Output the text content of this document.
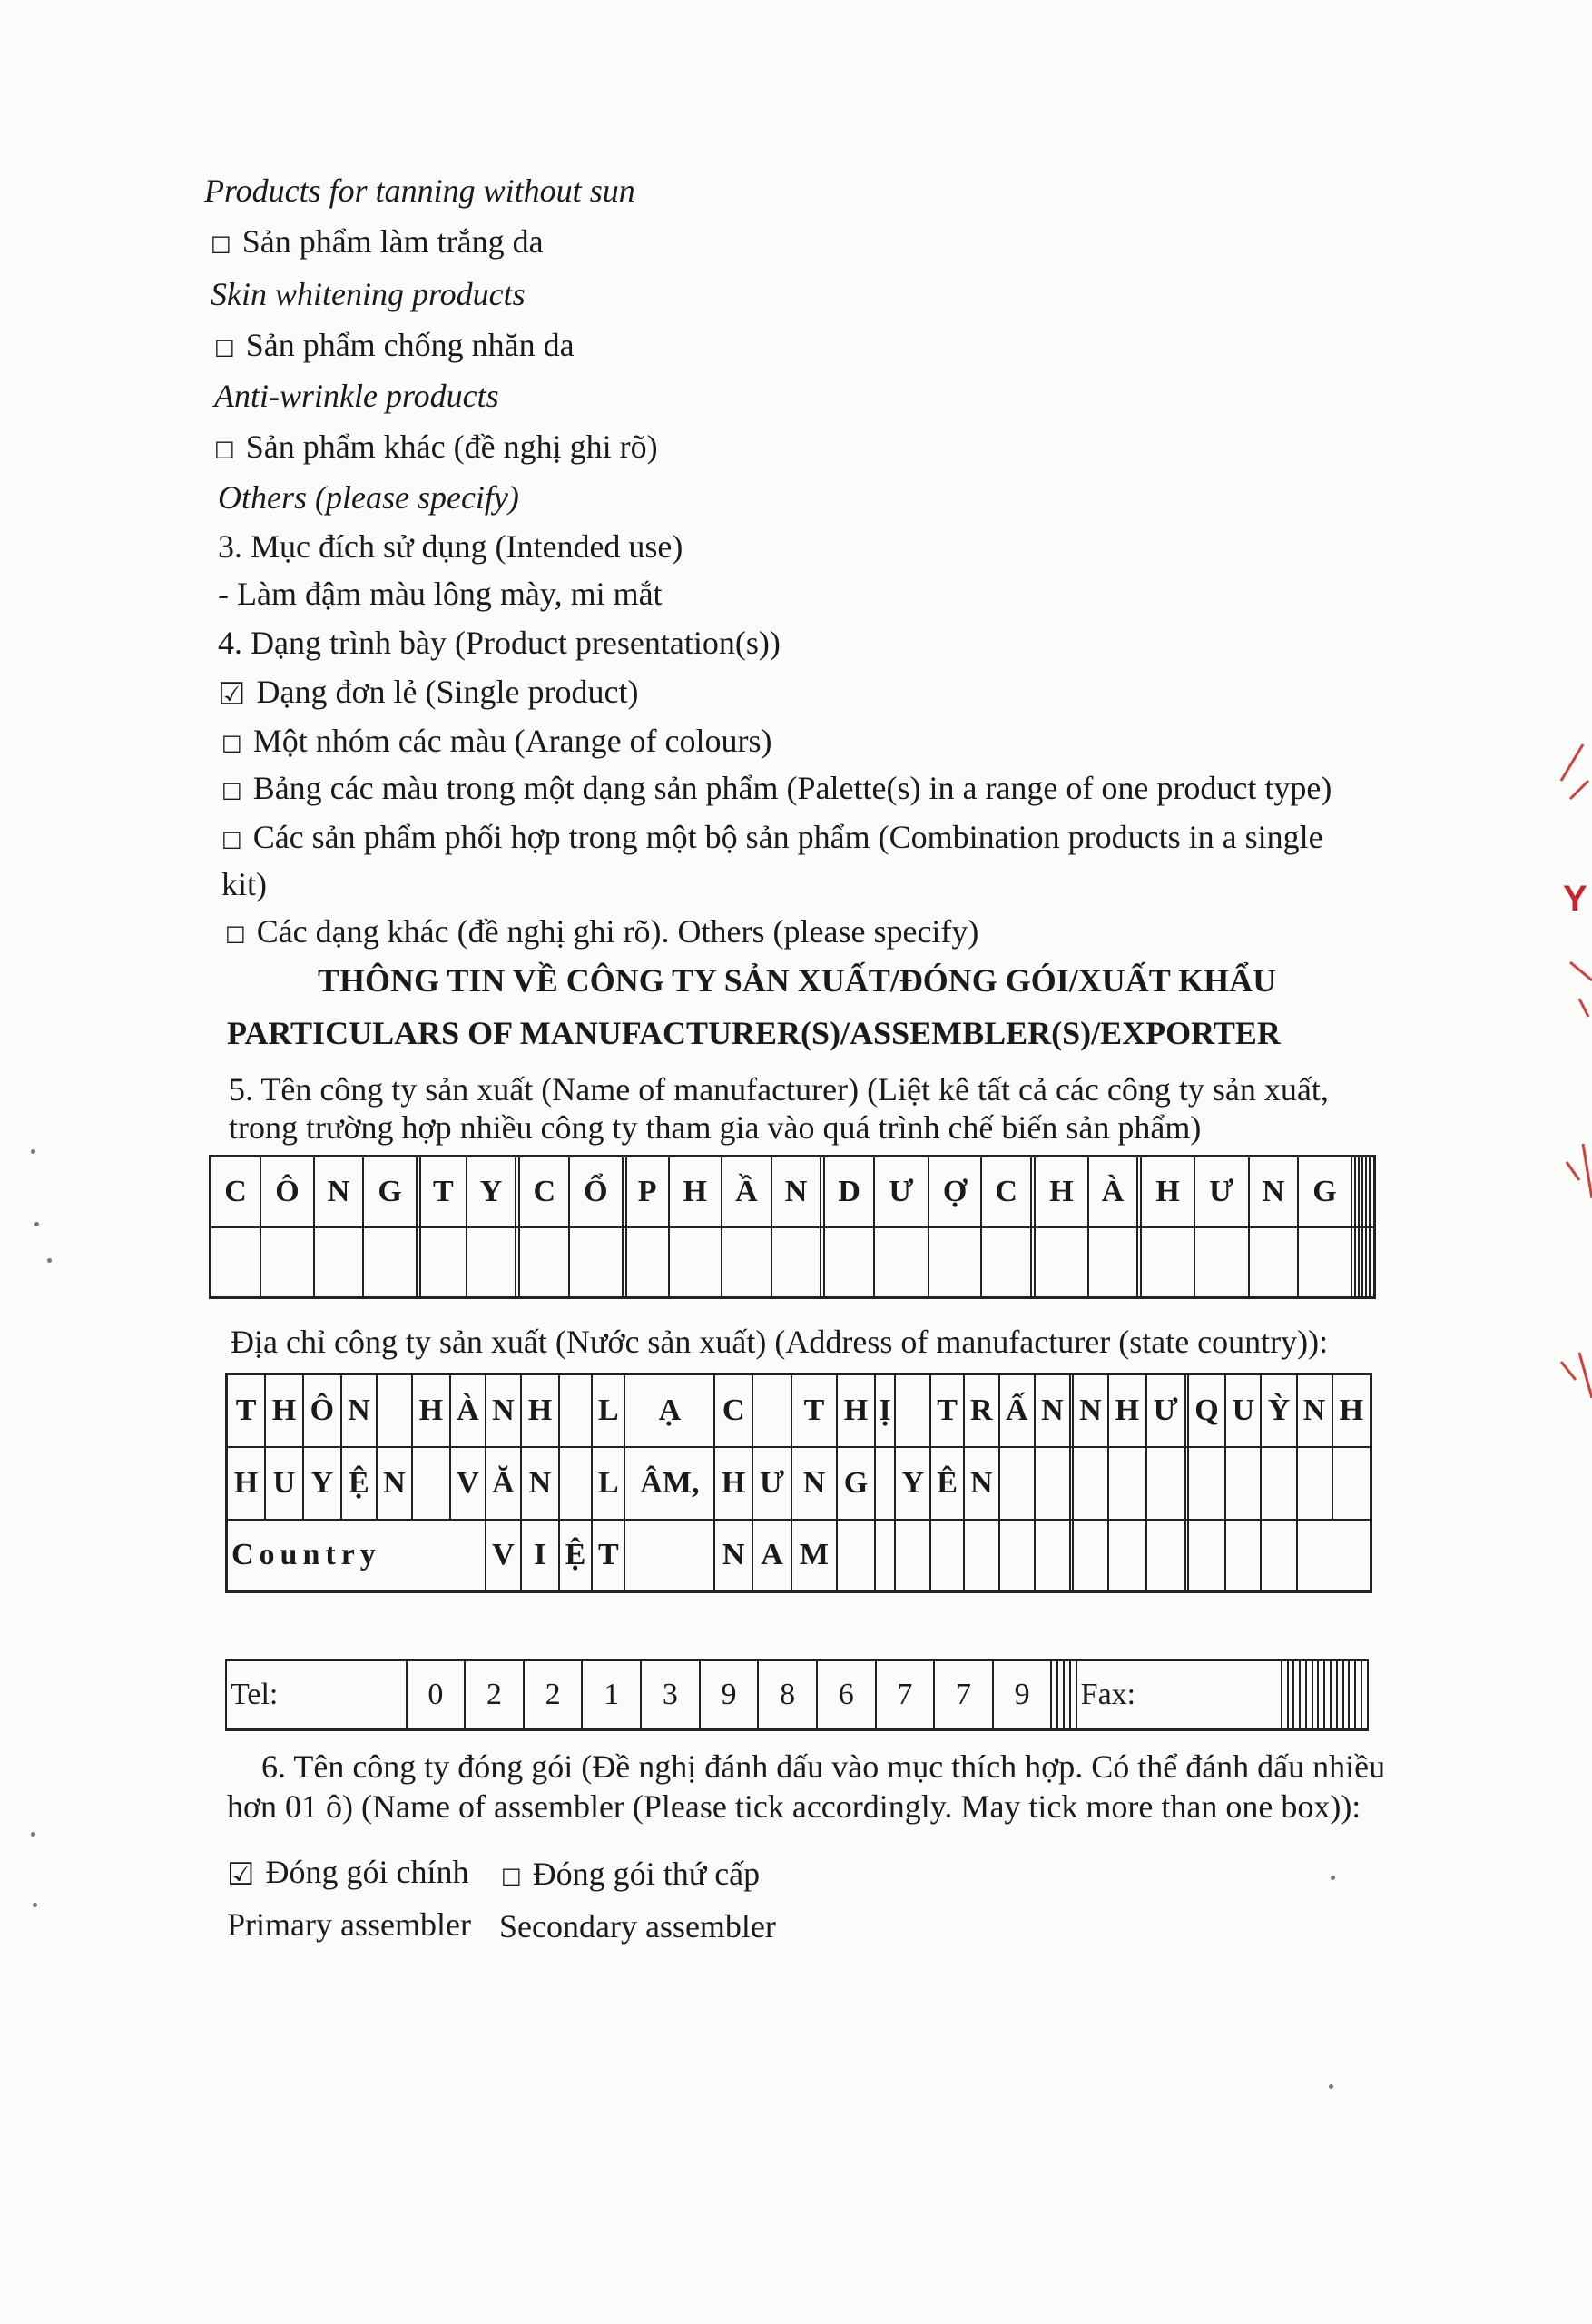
Products for tanning without sun
□ Sản phẩm làm trắng da
Skin whitening products
□ Sản phẩm chống nhăn da
Anti-wrinkle products
□ Sản phẩm khác (đề nghị ghi rõ)
Others (please specify)
3. Mục đích sử dụng (Intended use)
- Làm đậm màu lông mày, mi mắt
4. Dạng trình bày (Product presentation(s))
☑ Dạng đơn lẻ (Single product)
□ Một nhóm các màu (Arange of colours)
□ Bảng các màu trong một dạng sản phẩm (Palette(s) in a range of one product type)
□ Các sản phẩm phối hợp trong một bộ sản phẩm (Combination products in a single
kit)
□ Các dạng khác (đề nghị ghi rõ). Others (please specify)
THÔNG TIN VỀ CÔNG TY SẢN XUẤT/ĐÓNG GÓI/XUẤT KHẨU
PARTICULARS OF MANUFACTURER(S)/ASSEMBLER(S)/EXPORTER
5. Tên công ty sản xuất (Name of manufacturer) (Liệt kê tất cả các công ty sản xuất,
trong trường hợp nhiều công ty tham gia vào quá trình chế biến sản phẩm)
C	Ô	N	G		T	Y		C	Ổ		P	H	Ầ	N		D	Ư	Ợ	C		H	À		H	Ư	N	G						

Địa chỉ công ty sản xuất (Nước sản xuất) (Address of manufacturer (state country)):
T	H	Ô	N		H	À	N	H		L	Ạ	C		T	H	Ị		T	R	Ấ	N		N	H	Ư		Q	U	Ỳ	N	H
H	U	Y	Ệ	N		V	Ă	N		L	ÂM,	H	Ư	N	G		Y	Ê	N												
Country							V	I	Ệ	T		N	A	M																	
Tel:	0	2	2	1	3	9	8	6	7	7	9					Fax:														
6. Tên công ty đóng gói (Đề nghị đánh dấu vào mục thích hợp. Có thể đánh dấu nhiều
hơn 01 ô) (Name of assembler (Please tick accordingly. May tick more than one box)):
☑ Đóng gói chính □ Đóng gói thứ cấp
Primary assembler Secondary assembler
Y
